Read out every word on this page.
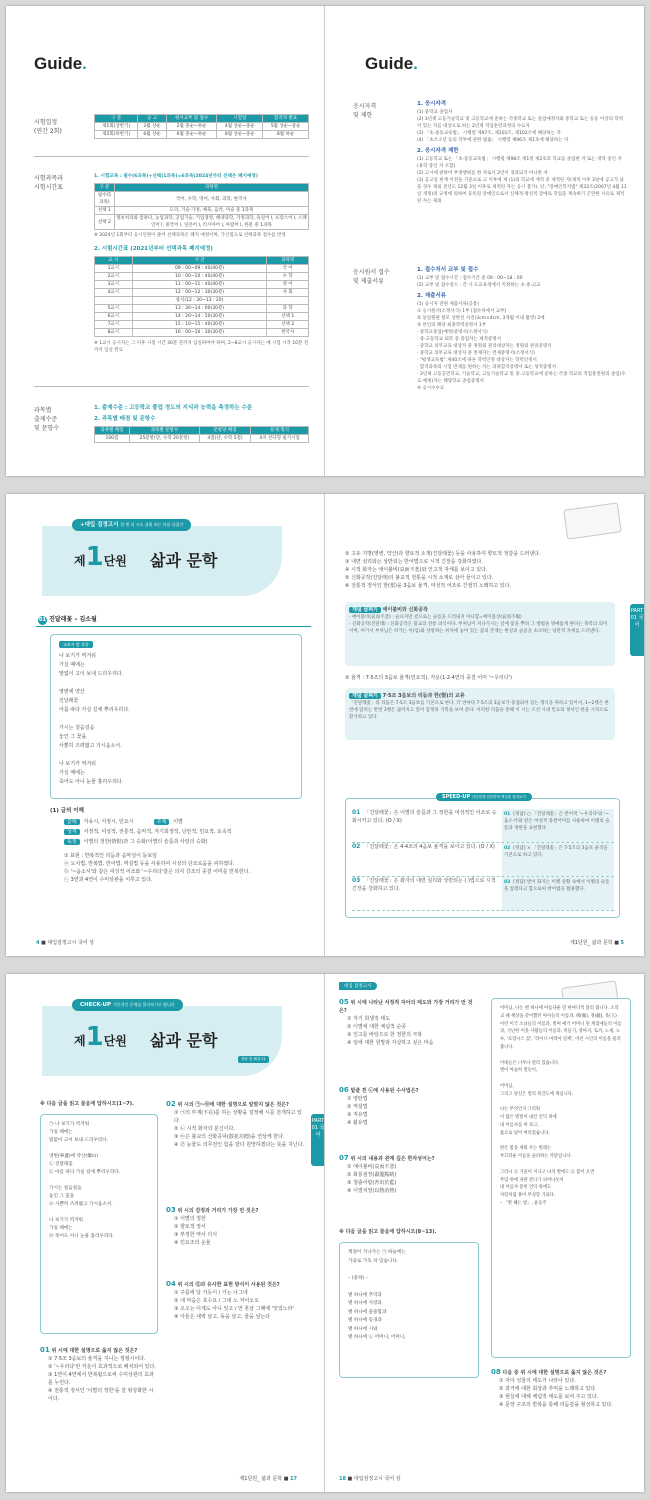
Guide.
시험일정
(연간 2회)
구 분	공 고	원서교부 및 접수	시험일	합격자 발표
제1회(상반기)	2월 상순	2월 중순~하순	4월 상순~중순	5월 상순~중순
제2회(하반기)	6월 상순	6월 중순~하순	8월 상순~중순	8월 하순
시험과목과
시험시간표
1. 시험교목 : 필수(6과목)+선택(1과목)=6과목(2024년부터 선택은 폐지예정)
구 분	과목명
필수(5과목)	국어, 수학, 영어, 사회, 과학, 한국사
선택 1	도덕, 기술·가정, 체육, 음악, 미술 중 1과목
선택 2	정보처리와 컴퓨터, 농업과학, 공업기술, 기업경영, 해양과학, 가정과학, 독일어 I, 프랑스어 I, 스페인어 I, 중국어 I, 일본어 I, 러시아어 I, 아랍어 I, 한문 중 1과목
※ 2024년 1회부터 응시인원이 줄어 선택과목은 폐지 예정이며, 가산점으로 선택과목 점수를 반영
2. 시험시간표 (2021년부터 선택과목 폐지예정)
교 시	시 간	과목명
1교시	09 : 00~09 : 40(40분)	국 어
2교시	10 : 00~10 : 40(40분)	수 학
3교시	11 : 00~11 : 40(40분)	영 어
4교시	12 : 00~12 : 30(30분)	사 회
	중식(12 : 30~13 : 20)	
5교시	13 : 30~14 : 00(30분)	과 학
6교시	14 : 20~14 : 50(30분)	선택 1
7교시	15 : 10~15 : 40(30분)	선택 2
8교시	16 : 00~16 : 30(30분)	한국사
※ 1교시 응시자는 그 이후 시험 시간 30분 전까지 입실하여야 하며, 2~8교시 응시자는 매 시험 시작 10분 전까지 입실 완료
과목별
출제수준
및 문항수
1. 출제수준 : 고등학교 졸업 정도의 지식과 능력을 측정하는 수준
2. 과목별 배점 및 문항수
과목별 배점	과목별 문항수	문항당 배점	문제 형식
100점	25문항(단, 수학 20문항)	4점(단, 수학 5점)	4지 선다형 필기시험
Guide.
응시자격
및 제한
1. 응시자격
(1) 중학교 졸업자
(2) 3년제 고등기술학교 및 고등학교에 준하는 각종학교 또는 졸업예정자와 중학교 또는 동등 이상의 학력이 있는 자를 대상으로 하는 2년제 직업훈련과정의 수료자
(3) 「초·중등교육법」 시행령 제97조, 제101조, 제102조에 해당하는 자
(4) 「초조소년 등의 학부에 관한 법률」 시행령 제96조 제1호에 해당하는 자
2. 응시자격 제한
(1) 고등학교 또는 「초·중등교육법」 시행령 제98조 제1항 제2호의 학교를 졸업한 자 또는 재학 중인 자(휴학 중인 자 포함)
(2) 고시에 관하여 부정행위를 한 자로서 2년이 경과되지 아니한 자
(3) 공고일 현재 이전을 기준으로 고 이후에 재 (1)의 학교에 재적 중 제적된 자(제적 이후 3일에 공고가 났을 경우 제외 전년도 12월 3일 이후로 제적된 자는 응시 불가). 단, "장애인복지법" 제32조(2007년 4월 11일 개정)의 규정에 의하여 등록된 장애인으로서 신체적·정신적 장애로 학업을 계속하기 곤란한 사유로 제적된 자는 제외
응시원서 접수
및 제출서류
1. 접수처서 교부 및 접수
(1) 교부 및 접수시간 : 접수기간 중 09 : 00~18 : 00
(2) 교부 및 접수장소 : 각 시·도교육청에서 지정하는 초·중·고교
2. 제출서류
(1) 응시자 전원 제출서류(공통)
① 응시원서(소정서식) 1부 [접수처에서 교부]
② 동일원판 탈모 상반신 사진(3cm×4cm, 3개월 이내 촬영) 2매
③ 본인의 해당 최종학력증명서 1부
· 중학교졸업(예정)증명서(소정서식)
· 중·고등학교 퇴학 증 졸업자는 제적증명서
· 중학교 의무교육 대상자 중 정원외 관리대상자는 정원외 관리증명서
· 중학교 의무교육 대상자 중 면제자는 면제증명서(소정서식)
· "평생교육법" 제40조에 따른 학력인정 대상자는 학력인정서
· 합격과목의 시험 면제를 원하는 자는 과목합격증명서 또는 성적증명서
· 3년제 고등공민학교, 기술학교, 고등기술학교 및 중·고등학교에 준하는 각종 학교의 직업훈련원의 졸업(수료·예정)자는 해당학교 졸업증명서
④ 응시수수료
+대입 검정고시 한 번 더 시도 쉬워 쓰는 마음 다잡기
제1단원 삶과 문학
01 진달래꽃 – 김소월
교과서 밖 작품
나 보기가 역겨워
가실 때에는
말없이 고이 보내 드리우리다.

영변에 약산
진달래꽃
아름 따다 가실 길에 뿌리우리다.

가시는 걸음걸음
놓인 그 꽃을
사뿐히 즈려밟고 가시옵소서.

나 보기가 역겨워
가실 때에는
죽어도 아니 눈물 흘리우리다.
(1) 글의 이해
갈래 자유시, 서정시, 민요시	주제 이별
성격 서정적, 여성적, 전통적, 음악적, 자기희생적, 낭만적, 민요적, 토속적
특징 이별의 정한(情恨)과 그 승화(이별의 슬픔과 사랑의 승화)
① 표현 : 반복적인 리듬과 음악성이 돋보임
ⓐ 도치법, 반복법, 반어법, 역설법 등을 사용하여 시상의 단조로움을 피하였다.
ⓑ '~옵소서'와 같은 여성적 어조와 '~우리다'같은 의지 강조의 종결 어미를 반복한다.
ⓒ 3연과 4연이 수미상관을 이루고 있다.
4 ■ 대입검정고시 국어 상
② 고유 지명(영변, 약산)과 향토적 소재(진달래꽃) 등을 사용하여 향토적 정감을 드러낸다.
③ 내면 심리와는 상반되는 반어법으로 시적 긴장을 강화하였다.
④ 시적 화자는 애이불비(哀而不悲)와 인고적 자세를 보이고 있다.
⑤ 신화공작(진달래)의 불교적 전통을 시적 소재로 삼아 들이고 있다.
⑥ 전통적 정서인 한(恨)을 3음보 율격, 여성적 어조로 간절히 노래하고 있다.
개념 살펴기 애이불비와 신화공작
· 애이불비(哀而不悲) : 슬프지만 겉으로는 슬픔을 드러내지 아니함=애이불상(哀而不傷)
· 신화공작(진달래) : 신화공작은 불교의 전통 의식이다. 부처님이 지나가시는 길에 꽃을 뿌려 그 방법을 명예롭게 한다는 축복의 의미이며, 여기서 부처님은 떠가는 이(임)와 상통하는 위치에 놓여 있는 꽃의 존재는 현실의 슬픔을 초극하는 낭만적 자세를 드러낸다.
② 율격 : 7·5조의 3음보 율격(민요적), 각운(1·2·4연의 종결 어미 '~우리다')
개념 살펴기 7·5조 3음보의 리듬과 한(恨)의 교류
「진달래꽃」의 리듬은 7·5조 3음보를 기본으로 한다. 각 연마다 7·5조의 3음보가 충첩되어 있는 형식을 취하고 있어서, 1~2행은 한번에 읽히는 반면 3행은 끊어지고 있어 감정의 기복을 보여 준다. 이러한 리듬을 통해 이 시는 조선 시대 민요의 정서인 한을 시적으로 환기하고 있다.
SPEED-UP 간단하게 진단하며 핵심을 짚어보기
01 「진달래꽃」은 이별의 슬픔과 그 정한을 여성적인 어조로 승화시키고 있다. (O / X)
01 [정답] ○ 「진달래꽃」은 반어적 '~우리다'와 '~옵소서'와 같은 여성적 종결어미를 사용하여 이별의 슬픔과 정한을 표현했다.
02 「진달래꽃」은 4·4조의 4음보 율격을 보이고 있다. (O / X)	02 [정답] × 「진달래꽃」은 7·5조의 3음보 율격을 기본으로 하고 있다.
03 「진달래꽃」은 화자의 내면 심리와 상반되는 ( )법으로 시적 긴장을 강화하고 있다.
03 [정답] 반어 화자는 이별 상황 속에서 이별의 슬픔을 참겠다고 함으로써 반어법을 활용했다.
PART 01 국어
제1단원_ 삶과 문학 ■ 5
CHECK-UP 기본적인 문제를 풀어보기로 합니다
제1단원 삶과 문학
정답 및 해설 21
※ 다음 글을 읽고 물음에 답하시오(1~7).
㉠ 나 보기가 역겨워
가실 때에는
말없이 고이 보내 드리우리다.

영변(寧邊)에 약산(藥山)
㉡ 진달래꽃
㉢ 아름 따다 가실 길에 뿌리우리다.

가시는 걸음걸음
놓인 그 꽃을
㉣ 사뿐히 즈려밟고 가시옵소서.

나 보기가 역겨워
가실 때에는
㉤ 죽어도 아니 눈물 흘리우리다.
01 위 시에 대한 설명으로 옳지 않은 것은?
① 7·5조 3음보의 율격을 지니는 정형시이다.
② '~우리다'란 각운이 효과적으로 배치되어 있다.
③ 1연이 4연에서 반복됨으로써 수미상관의 효과를 누린다.
④ 전통적 정서인 '이별의 정한'을 잘 형상화한 시이다.
02 위 시의 ㉠~㉤에 대한 설명으로 알맞지 않은 것은?
① ㉠의 부재(不在)를 하는 상황을 설정해 시를 전개하고 있다.
② ㉡ 시적 화자의 분신이다.
③ ㉢은 불교의 산화공덕(散花功德)을 연상케 한다.
④ ㉣ 눈물도 의무전인 힘을 잘다 원망하겠다는 뜻을 지닌다.
03 위 시의 감정과 거리가 가장 먼 것은?
① 이별의 정한
② 향토적 정서
③ 부정한 역사 의식
④ 민요조의 운율
04 위 시의 ㉣과 유사한 표현 방식이 사용된 것은?
① 구름에 달 가듯이 / 가는 나그네
② 내 마음은 호수요 / 그대 노 저어오오
③ 오오는 이제도 아니 잊고 / 먼 훗날 그때에 '잊었노라'
④ 아들은 새벽 날고, 동을 날고, 물을 날는다
PART 01 국어
제1단원_ 삶과 문학 ■ 17
대입 검정고시
05 위 시에 나타난 서정적 자아의 태도와 가장 거리가 먼 것은?
① 자기 희생적 태도
② 이별에 대한 체념적 순종
③ 인고를 바탕으로 한 정한의 극복
④ 임에 대한 원망과 자살하고 싶은 마음
06 밑줄 친 ㉡에 사용된 수사법은?
① 영탄법
② 역설법
③ 직유법
④ 활유법
07 위 시의 내용과 관계 깊은 한자성어는?
① 애이불비(哀而不悲)
② 화룡점정(畵龍點睛)
③ 청출어람(靑出於藍)
④ 이열치열(以熱治熱)
※ 다음 글을 읽고 물음에 답하시오(8~13).
계절이 지나가는 ㉠ 하늘에는
가을로 가득 차 있습니다.

– (중략) –

별 하나에 추억과
별 하나에 사랑과
별 하나에 쓸쓸함과
별 하나에 동경과
별 하나에 시와
별 하나에 ㉡ 어머니, 어머니,
어머님, 나는 별 하나에 아름다운 말 한마디씩 불러 봅니다. 소학교 때 책상을 같이했던 아이들의 이름과, 패(佩), 경(鏡), 옥(玉) 이런 이국 소녀들의 이름과, 벌써 애기 어머니 된 계집애들의 이름과, 가난한 이웃 사람들의 이름과, 비둘기, 강아지, 토끼, 노새, 노루, '프랑시스 잠', '라이너 마리아 릴케', 이런 시인의 이름을 불러 봅니다.

이네들은 너무나 멀리 있습니다.
별이 아슬히 멀듯이,

어머님,
그리고 당신은 멀리 북간도에 계십니다.

나는 무엇인지 그리워
이 많은 별빛이 내린 언덕 위에
내 이름자를 써 보고,
흙으로 덮어 버리었습니다.

딴은 밤을 새워 우는 벌레는
부끄러운 이름을 슬퍼하는 까닭입니다.

그러나 ㉢ 겨울이 지나고 나의 별에도 ㉣ 봄이 오면
무덤 위에 파란 잔디가 피어나듯이
내 이름자 묻힌 언덕 위에도
자랑처럼 풀이 무성할 거외다.
– 「별 헤는 밤」, 윤동주
08 다음 중 위 시에 대한 설명으로 옳지 않은 것은?
① 자아 성찰의 태도가 나타나 있다.
② 과거에 대한 회상과 추억을 노래하고 있다.
③ 현실에 대해 체념적 태도를 보여 주고 있다.
④ 문장 구조의 반복을 통해 리듬감을 형성하고 있다.
18 ■ 대입검정고시 국어 상
